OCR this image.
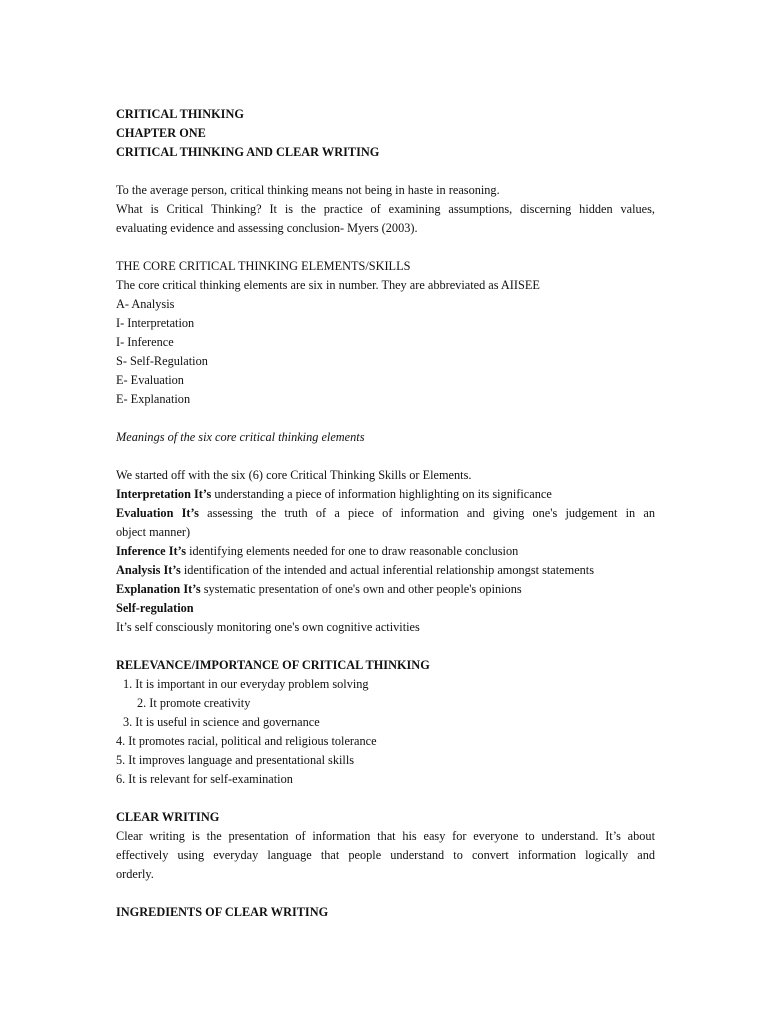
CRITICAL THINKING
CHAPTER ONE
CRITICAL THINKING AND CLEAR WRITING
To the average person, critical thinking means not being in haste in reasoning.
What is Critical Thinking? It is the practice of examining assumptions, discerning hidden values,
evaluating evidence and assessing conclusion- Myers (2003).
THE CORE CRITICAL THINKING ELEMENTS/SKILLS
The core critical thinking elements are six in number. They are abbreviated as AIISEE
A- Analysis
I- Interpretation
I- Inference
S- Self-Regulation
E- Evaluation
E- Explanation
Meanings of the six core critical thinking elements
We started off with the six (6) core Critical Thinking Skills or Elements.
Interpretation It’s understanding a piece of information highlighting on its significance
Evaluation It’s assessing the truth of a piece of information and giving one's judgement in an
object manner)
Inference It’s identifying elements needed for one to draw reasonable conclusion
Analysis It’s identification of the intended and actual inferential relationship amongst statements
Explanation It’s systematic presentation of one's own and other people's opinions
Self-regulation
It’s self consciously monitoring one's own cognitive activities
RELEVANCE/IMPORTANCE OF CRITICAL THINKING
1. It is important in our everyday problem solving
2. It promote creativity
3. It is useful in science and governance
4. It promotes racial, political and religious tolerance
5. It improves language and presentational skills
6. It is relevant for self-examination
CLEAR WRITING
Clear writing is the presentation of information that his easy for everyone to understand. It’s about
effectively using everyday language that people understand to convert information logically and
orderly.
INGREDIENTS OF CLEAR WRITING
